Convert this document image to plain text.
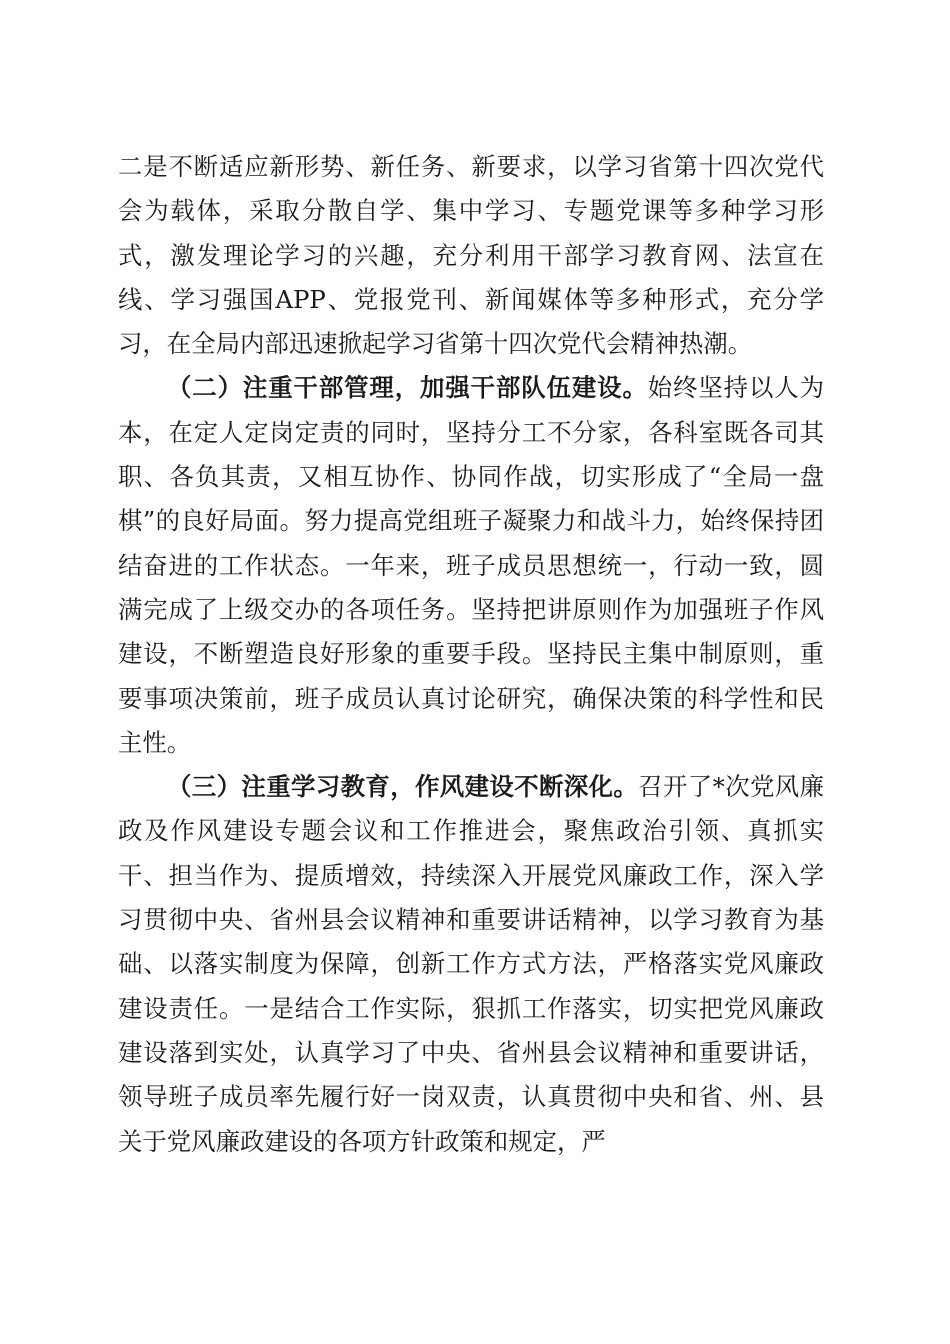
二是不断适应新形势、新任务、新要求，以学习省第十四次党代会为载体，采取分散自学、集中学习、专题党课等多种学习形式，激发理论学习的兴趣，充分利用干部学习教育网、法宣在线、学习强国APP、党报党刊、新闻媒体等多种形式，充分学习，在全局内部迅速掀起学习省第十四次党代会精神热潮。

（二）注重干部管理，加强干部队伍建设。始终坚持以人为本，在定人定岗定责的同时，坚持分工不分家，各科室既各司其职、各负其责，又相互协作、协同作战，切实形成了“全局一盘棋”的良好局面。努力提高党组班子凝聚力和战斗力，始终保持团结奋进的工作状态。一年来，班子成员思想统一，行动一致，圆满完成了上级交办的各项任务。坚持把讲原则作为加强班子作风建设，不断塑造良好形象的重要手段。坚持民主集中制原则，重要事项决策前，班子成员认真讨论研究，确保决策的科学性和民主性。

（三）注重学习教育，作风建设不断深化。召开了*次党风廉政及作风建设专题会议和工作推进会，聚焦政治引领、真抓实干、担当作为、提质增效，持续深入开展党风廉政工作，深入学习贯彻中央、省州县会议精神和重要讲话精神，以学习教育为基础、以落实制度为保障，创新工作方式方法，严格落实党风廉政建设责任。一是结合工作实际，狠抓工作落实，切实把党风廉政建设落到实处，认真学习了中央、省州县会议精神和重要讲话，领导班子成员率先履行好一岗双责，认真贯彻中央和省、州、县关于党风廉政建设的各项方针政策和规定，严
